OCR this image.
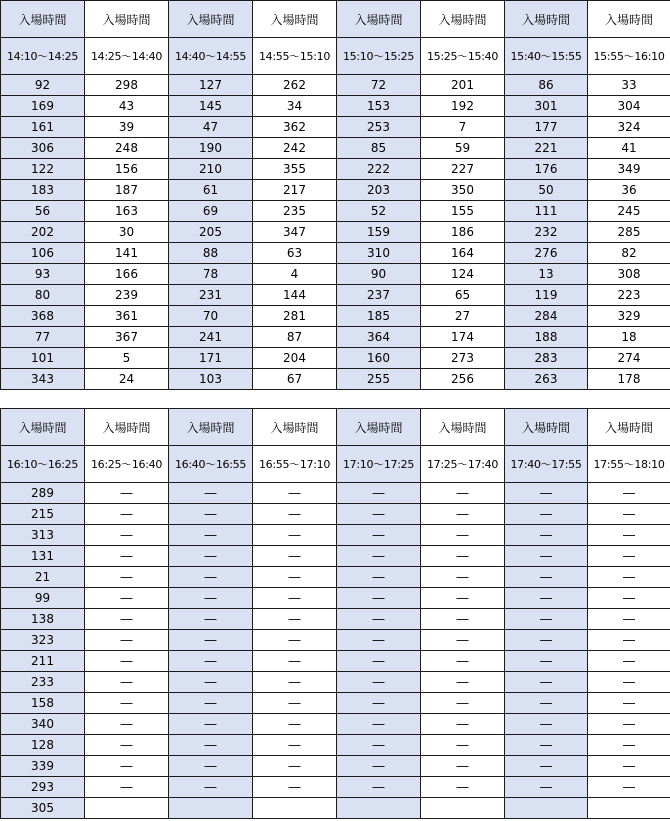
入場時間	入場時間	入場時間	入場時間	入場時間	入場時間	入場時間	入場時間
14:10～14:25	14:25～14:40	14:40～14:55	14:55～15:10	15:10～15:25	15:25～15:40	15:40～15:55	15:55～16:10
92	298	127	262	72	201	86	33
169	43	145	34	153	192	301	304
161	39	47	362	253	7	177	324
306	248	190	242	85	59	221	41
122	156	210	355	222	227	176	349
183	187	61	217	203	350	50	36
56	163	69	235	52	155	111	245
202	30	205	347	159	186	232	285
106	141	88	63	310	164	276	82
93	166	78	4	90	124	13	308
80	239	231	144	237	65	119	223
368	361	70	281	185	27	284	329
77	367	241	87	364	174	188	18
101	5	171	204	160	273	283	274
343	24	103	67	255	256	263	178
入場時間	入場時間	入場時間	入場時間	入場時間	入場時間	入場時間	入場時間
16:10～16:25	16:25～16:40	16:40～16:55	16:55～17:10	17:10～17:25	17:25～17:40	17:40～17:55	17:55～18:10
289	―	―	―	―	―	―	―
215	―	―	―	―	―	―	―
313	―	―	―	―	―	―	―
131	―	―	―	―	―	―	―
21	―	―	―	―	―	―	―
99	―	―	―	―	―	―	―
138	―	―	―	―	―	―	―
323	―	―	―	―	―	―	―
211	―	―	―	―	―	―	―
233	―	―	―	―	―	―	―
158	―	―	―	―	―	―	―
340	―	―	―	―	―	―	―
128	―	―	―	―	―	―	―
339	―	―	―	―	―	―	―
293	―	―	―	―	―	―	―
305							
